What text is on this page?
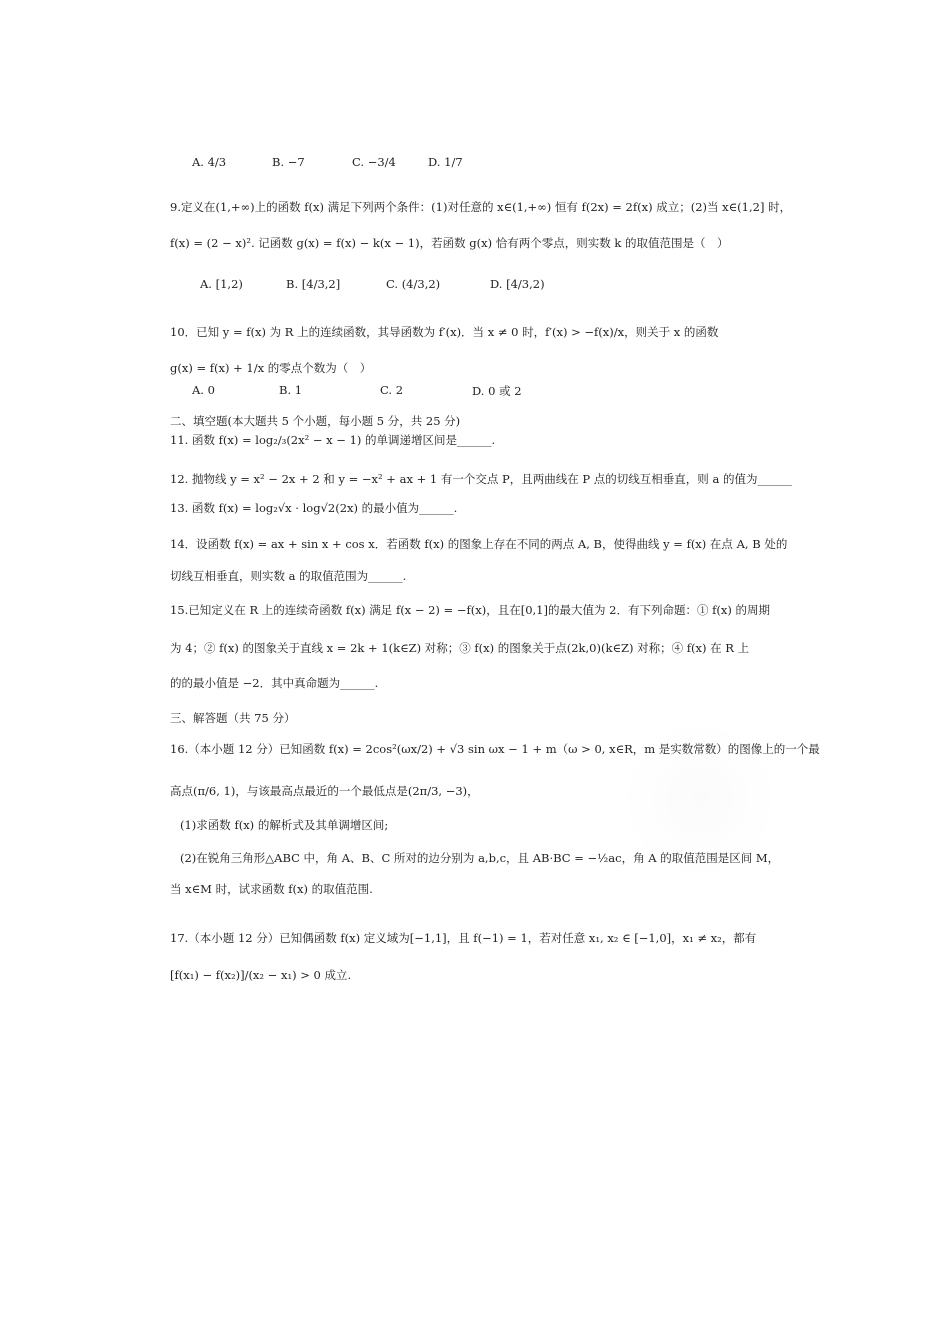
A. 4/3	B. −7	C. −3/4	D. 1/7
9.定义在(1,+∞)上的函数 f(x) 满足下列两个条件：(1)对任意的 x∈(1,+∞) 恒有 f(2x) = 2f(x) 成立；(2)当 x∈(1,2] 时，
f(x) = (2 − x)². 记函数 g(x) = f(x) − k(x − 1)，若函数 g(x) 恰有两个零点，则实数 k 的取值范围是（　）
A. [1,2)	B. [4/3,2]	C. (4/3,2)	D. [4/3,2)
10．已知 y = f(x) 为 R 上的连续函数，其导函数为 f′(x)．当 x ≠ 0 时，f′(x) > −f(x)/x，则关于 x 的函数
g(x) = f(x) + 1/x 的零点个数为（　）
A. 0	B. 1	C. 2	D. 0 或 2
二、填空题(本大题共 5 个小题，每小题 5 分，共 25 分)
11. 函数 f(x) = log₂/₃(2x² − x − 1) 的单调递增区间是______.
12. 抛物线 y = x² − 2x + 2 和 y = −x² + ax + 1 有一个交点 P，且两曲线在 P 点的切线互相垂直，则 a 的值为______
13. 函数 f(x) = log₂√x · log√2(2x) 的最小值为______.
14．设函数 f(x) = ax + sin x + cos x．若函数 f(x) 的图象上存在不同的两点 A, B，使得曲线 y = f(x) 在点 A, B 处的
切线互相垂直，则实数 a 的取值范围为______.
15.已知定义在 R 上的连续奇函数 f(x) 满足 f(x − 2) = −f(x)，且在[0,1]的最大值为 2．有下列命题：① f(x) 的周期
为 4；② f(x) 的图象关于直线 x = 2k + 1(k∈Z) 对称；③ f(x) 的图象关于点(2k,0)(k∈Z) 对称；④ f(x) 在 R 上
的的最小值是 −2．其中真命题为______.
三、解答题（共 75 分）
16.（本小题 12 分）已知函数 f(x) = 2cos²(ωx/2) + √3 sin ωx − 1 + m（ω > 0, x∈R，m 是实数常数）的图像上的一个最
高点(π/6, 1)，与该最高点最近的一个最低点是(2π/3, −3)，
(1)求函数 f(x) 的解析式及其单调增区间;
(2)在锐角三角形△ABC 中，角 A、B、C 所对的边分别为 a,b,c，且 AB·BC = −½ac，角 A 的取值范围是区间 M，
当 x∈M 时，试求函数 f(x) 的取值范围.
17.（本小题 12 分）已知偶函数 f(x) 定义域为[−1,1]，且 f(−1) = 1，若对任意 x₁, x₂ ∈ [−1,0]，x₁ ≠ x₂，都有
[f(x₁) − f(x₂)]/(x₂ − x₁) > 0 成立.
